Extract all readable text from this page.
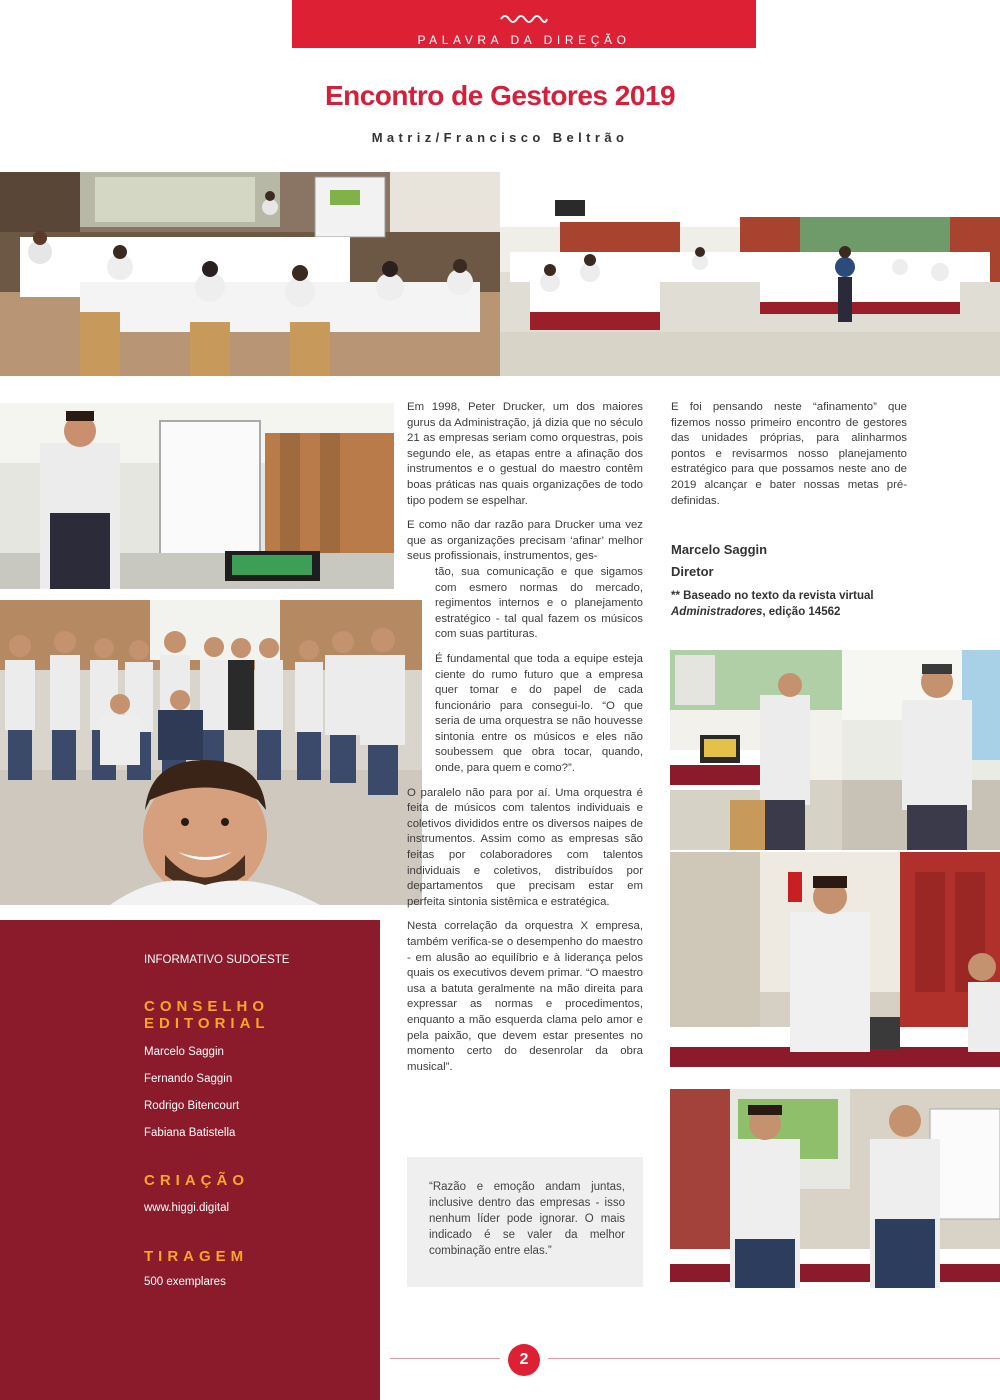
PALAVRA DA DIREÇÃO
Encontro de Gestores 2019
Matriz/Francisco Beltrão

Em 1998, Peter Drucker, um dos maiores gurus da Administração, já dizia que no século 21 as empresas seriam como orquestras, pois segundo ele, as etapas entre a afinação dos instrumentos e o gestual do maestro contêm boas práticas nas quais organizações de todo tipo podem se espelhar.

E como não dar razão para Drucker uma vez que as organizações precisam ‘afinar’ melhor seus profissionais, instrumentos, ges-

tão, sua comunicação e que sigamos com esmero normas do mercado, regimentos internos e o planejamento estratégico - tal qual fazem os músicos com suas partituras.

É fundamental que toda a equipe esteja ciente do rumo futuro que a empresa quer tomar e do papel de cada funcionário para consegui-lo. “O que seria de uma orquestra se não houvesse sintonia entre os músicos e eles não soubessem que obra tocar, quando, onde, para quem e como?”.

O paralelo não para por aí. Uma orquestra é feita de músicos com talentos individuais e coletivos divididos entre os diversos naipes de instrumentos. Assim como as empresas são feitas por colaboradores com talentos individuais e coletivos, distribuídos por departamentos que precisam estar em perfeita sintonia sistêmica e estratégica.

Nesta correlação da orquestra X empresa, também verifica-se o desempenho do maestro - em alusão ao equilíbrio e à liderança pelos quais os executivos devem primar. “O maestro usa a batuta geralmente na mão direita para expressar as normas e procedimentos, enquanto a mão esquerda clama pelo amor e pela paixão, que devem estar presentes no momento certo do desenrolar da obra musical”.

E foi pensando neste “afinamento” que fizemos nosso primeiro encontro de gestores das unidades próprias, para alinharmos pontos e revisarmos nosso planejamento estratégico para que possamos neste ano de 2019 alcançar e bater nossas metas pré-definidas.

Marcelo Saggin
Diretor
** Baseado no texto da revista virtual
Administradores, edição 14562
“Razão e emoção andam juntas, inclusive dentro das empresas - isso nenhum líder pode ignorar. O mais indicado é se valer da melhor combinação entre elas.”
INFORMATIVO SUDOESTE
CONSELHO EDITORIAL
Marcelo Saggin
Fernando Saggin
Rodrigo Bitencourt
Fabiana Batistella
CRIAÇÃO
www.higgi.digital
TIRAGEM
500 exemplares
2
